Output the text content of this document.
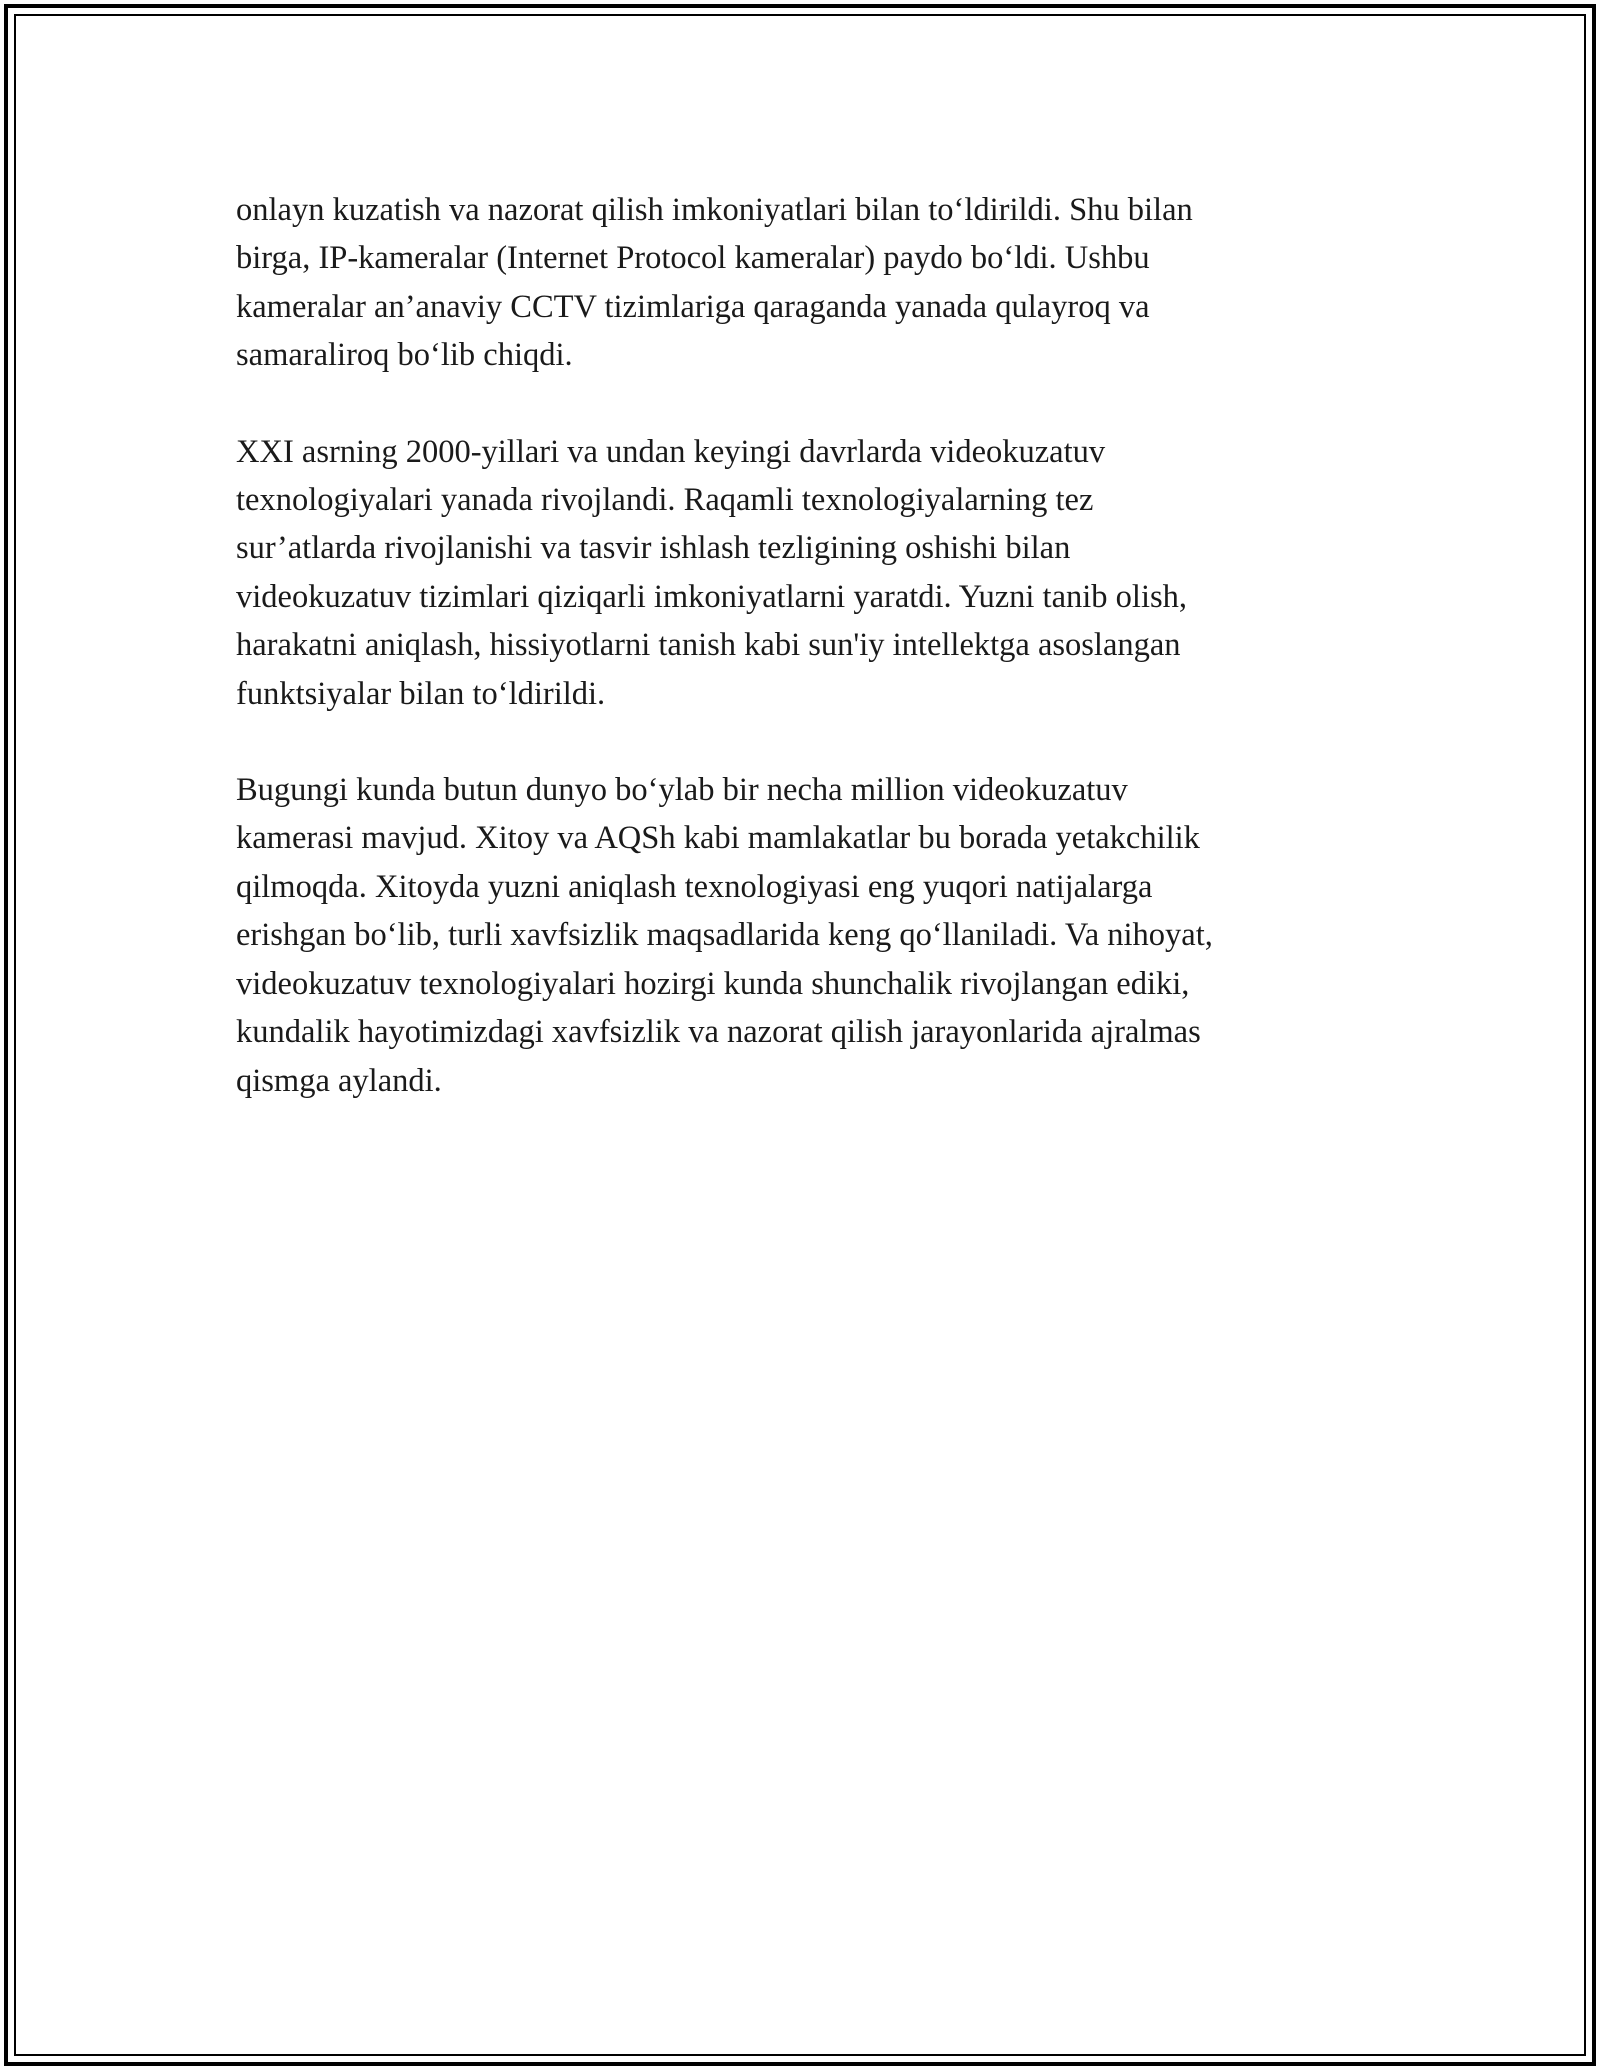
onlayn kuzatish va nazorat qilish imkoniyatlari bilan to‘ldirildi. Shu bilan
birga, IP-kameralar (Internet Protocol kameralar) paydo bo‘ldi. Ushbu
kameralar an’anaviy CCTV tizimlariga qaraganda yanada qulayroq va
samaraliroq bo‘lib chiqdi.

XXI asrning 2000-yillari va undan keyingi davrlarda videokuzatuv
texnologiyalari yanada rivojlandi. Raqamli texnologiyalarning tez
sur’atlarda rivojlanishi va tasvir ishlash tezligining oshishi bilan
videokuzatuv tizimlari qiziqarli imkoniyatlarni yaratdi. Yuzni tanib olish,
harakatni aniqlash, hissiyotlarni tanish kabi sun'iy intellektga asoslangan
funktsiyalar bilan to‘ldirildi.

Bugungi kunda butun dunyo bo‘ylab bir necha million videokuzatuv
kamerasi mavjud. Xitoy va AQSh kabi mamlakatlar bu borada yetakchilik
qilmoqda. Xitoyda yuzni aniqlash texnologiyasi eng yuqori natijalarga
erishgan bo‘lib, turli xavfsizlik maqsadlarida keng qo‘llaniladi. Va nihoyat,
videokuzatuv texnologiyalari hozirgi kunda shunchalik rivojlangan ediki,
kundalik hayotimizdagi xavfsizlik va nazorat qilish jarayonlarida ajralmas
qismga aylandi.
